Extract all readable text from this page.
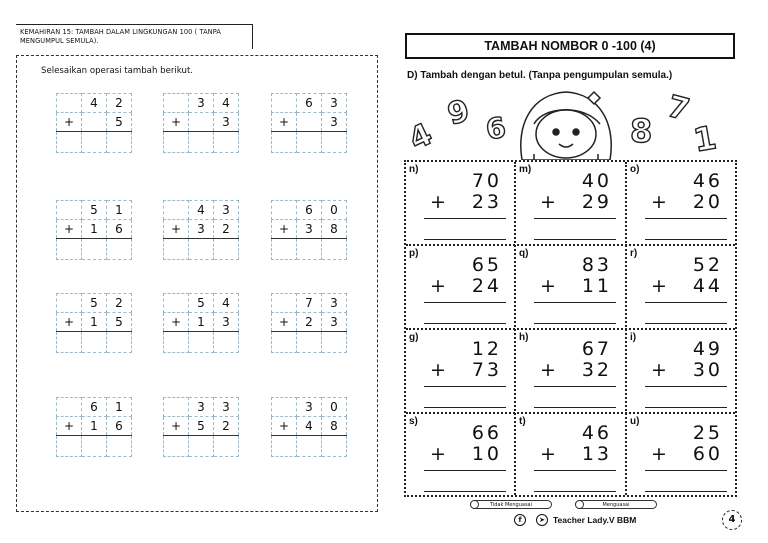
KEMAHIRAN 15: TAMBAH DALAM LINGKUNGAN 100 ( TANPA MENGUMPUL SEMULA).
Selesaikan operasi tambah berikut.
	4	2
+		5

	3	4
+		3

	6	3
+		3

	5	1
+	1	6

	4	3
+	3	2

	6	0
+	3	8

	5	2
+	1	5

	5	4
+	1	3

	7	3
+	2	3

	6	1
+	1	6

	3	3
+	5	2

	3	0
+	4	8

TAMBAH NOMBOR 0 -100 (4)
D) Tambah dengan betul. (Tanpa pengumpulan semula.)
4
9 6	8
7
1
n)
70
+ 23
m)
40
+ 29
o)
46
+ 20
p)
65
+ 24
q)
83
+ 11
r)
52
+ 44
g)
12
+ 73
h)
67
+ 32
i)
49
+ 30
s)
66
+ 10
t)
46
+ 13
u)
25
+ 60
Tidak Menguasai	Menguasai
f	➤ Teacher Lady.V BBM	4
